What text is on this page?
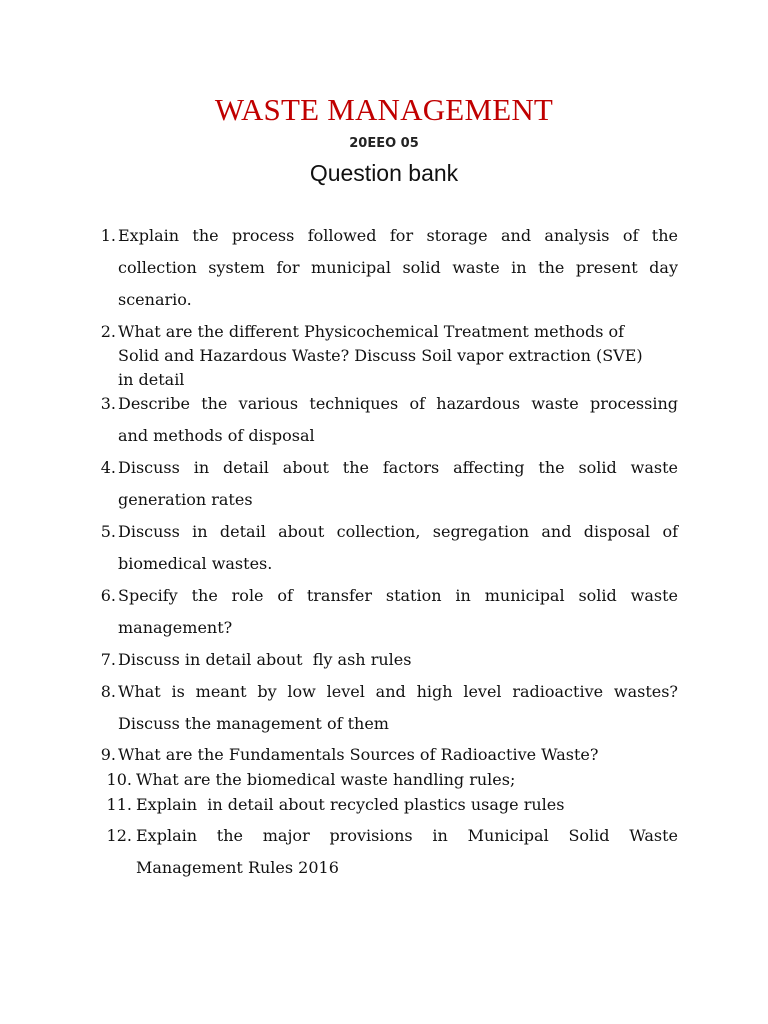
WASTE MANAGEMENT
20EEO 05
Question bank
1. Explain the process followed for storage and analysis of the
collection system for municipal solid waste in the present day
scenario.
2. What are the different Physicochemical Treatment methods of
Solid and Hazardous Waste? Discuss Soil vapor extraction (SVE)
in detail
3. Describe the various techniques of hazardous waste processing
and methods of disposal
4. Discuss in detail about the factors affecting the solid waste
generation rates
5. Discuss in detail about collection, segregation and disposal of
biomedical wastes.
6. Specify the role of transfer station in municipal solid waste
management?
7. Discuss in detail about  fly ash rules
8. What is meant by low level and high level radioactive wastes?
Discuss the management of them
9. What are the Fundamentals Sources of Radioactive Waste?
10. What are the biomedical waste handling rules;
11. Explain  in detail about recycled plastics usage rules
12. Explain the major provisions in Municipal Solid Waste
Management Rules 2016
